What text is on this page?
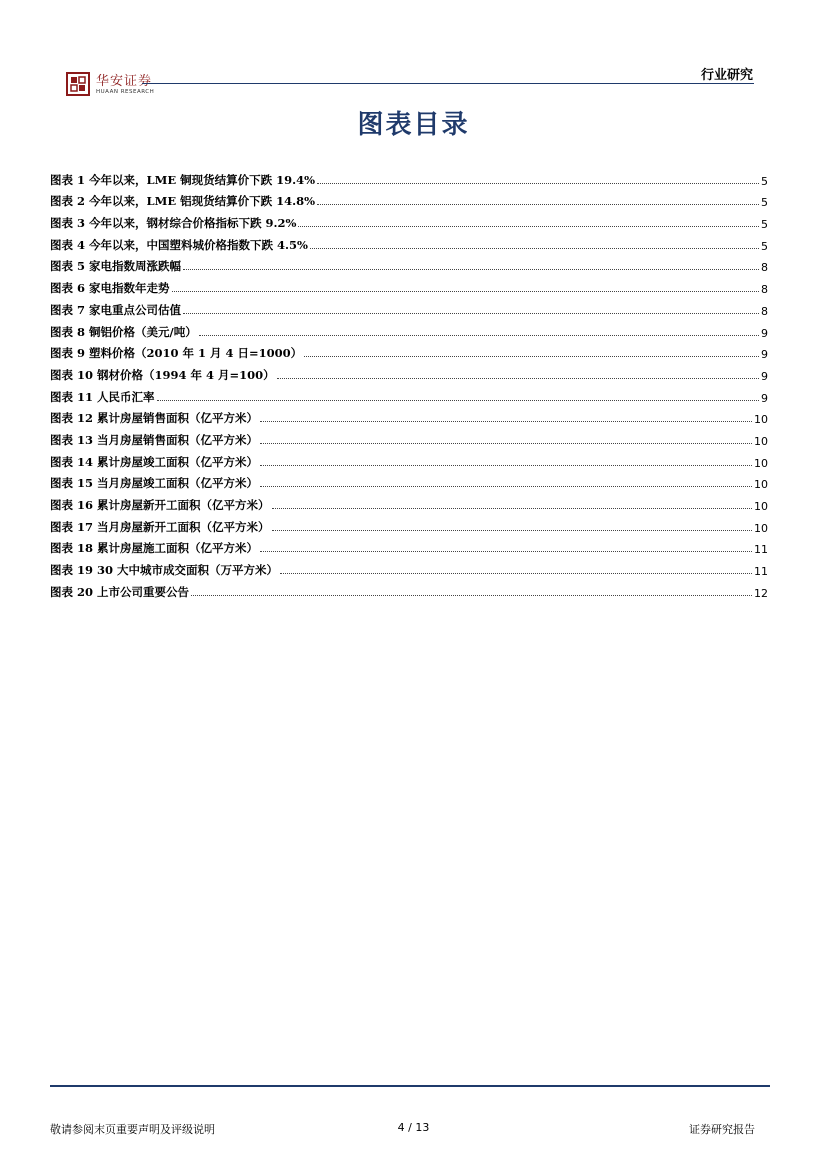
华安证券
HUAAN RESEARCH
行业研究
图表目录
图表 1 今年以来，LME 铜现货结算价下跌 19.4%	5
图表 2 今年以来，LME 铝现货结算价下跌 14.8%	5
图表 3 今年以来，钢材综合价格指标下跌 9.2%	5
图表 4 今年以来，中国塑料城价格指数下跌 4.5%	5
图表 5 家电指数周涨跌幅	8
图表 6 家电指数年走势	8
图表 7 家电重点公司估值	8
图表 8 铜铝价格（美元/吨）	9
图表 9 塑料价格（2010 年 1 月 4 日=1000）	9
图表 10 钢材价格（1994 年 4 月=100）	9
图表 11 人民币汇率	9
图表 12 累计房屋销售面积（亿平方米）	10
图表 13 当月房屋销售面积（亿平方米）	10
图表 14 累计房屋竣工面积（亿平方米）	10
图表 15 当月房屋竣工面积（亿平方米）	10
图表 16 累计房屋新开工面积（亿平方米）	10
图表 17 当月房屋新开工面积（亿平方米）	10
图表 18 累计房屋施工面积（亿平方米）	11
图表 19 30 大中城市成交面积（万平方米）	11
图表 20 上市公司重要公告	12
敬请参阅末页重要声明及评级说明	4 / 13	证券研究报告
